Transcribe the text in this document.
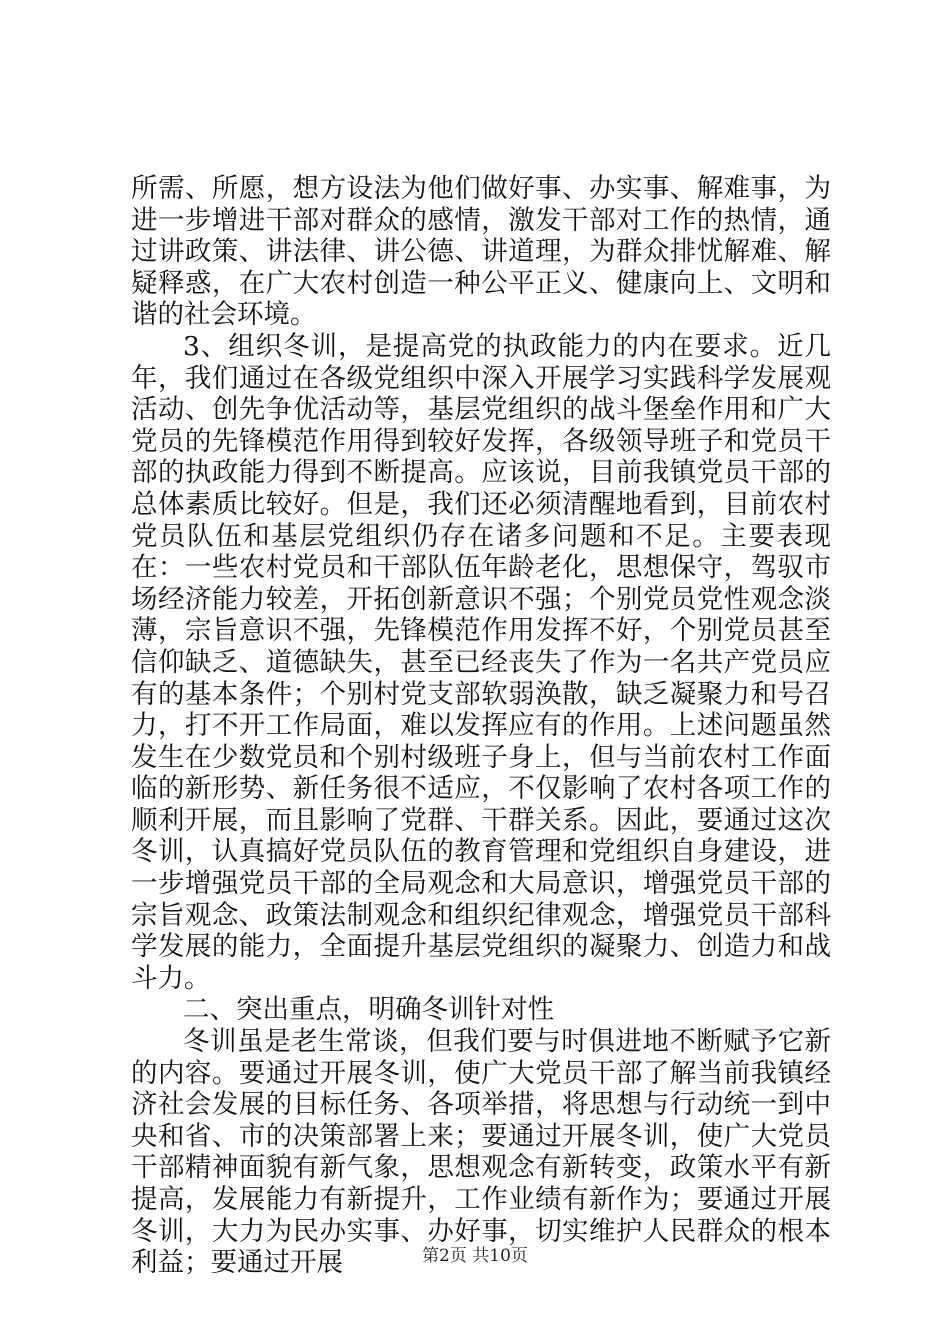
所需、所愿，想方设法为他们做好事、办实事、解难事，为进一步增进干部对群众的感情，激发干部对工作的热情，通过讲政策、讲法律、讲公德、讲道理，为群众排忧解难、解疑释惑，在广大农村创造一种公平正义、健康向上、文明和谐的社会环境。

3、组织冬训，是提高党的执政能力的内在要求。近几年，我们通过在各级党组织中深入开展学习实践科学发展观活动、创先争优活动等，基层党组织的战斗堡垒作用和广大党员的先锋模范作用得到较好发挥，各级领导班子和党员干部的执政能力得到不断提高。应该说，目前我镇党员干部的总体素质比较好。但是，我们还必须清醒地看到，目前农村党员队伍和基层党组织仍存在诸多问题和不足。主要表现在：一些农村党员和干部队伍年龄老化，思想保守，驾驭市场经济能力较差，开拓创新意识不强；个别党员党性观念淡薄，宗旨意识不强，先锋模范作用发挥不好，个别党员甚至信仰缺乏、道德缺失，甚至已经丧失了作为一名共产党员应有的基本条件；个别村党支部软弱涣散，缺乏凝聚力和号召力，打不开工作局面，难以发挥应有的作用。上述问题虽然发生在少数党员和个别村级班子身上，但与当前农村工作面临的新形势、新任务很不适应，不仅影响了农村各项工作的顺利开展，而且影响了党群、干群关系。因此，要通过这次冬训，认真搞好党员队伍的教育管理和党组织自身建设，进一步增强党员干部的全局观念和大局意识，增强党员干部的宗旨观念、政策法制观念和组织纪律观念，增强党员干部科学发展的能力，全面提升基层党组织的凝聚力、创造力和战斗力。

二、突出重点，明确冬训针对性

冬训虽是老生常谈，但我们要与时俱进地不断赋予它新的内容。要通过开展冬训，使广大党员干部了解当前我镇经济社会发展的目标任务、各项举措，将思想与行动统一到中央和省、市的决策部署上来；要通过开展冬训，使广大党员干部精神面貌有新气象，思想观念有新转变，政策水平有新提高，发展能力有新提升，工作业绩有新作为；要通过开展冬训，大力为民办实事、办好事，切实维护人民群众的根本利益；要通过开展	第2页 共10页
